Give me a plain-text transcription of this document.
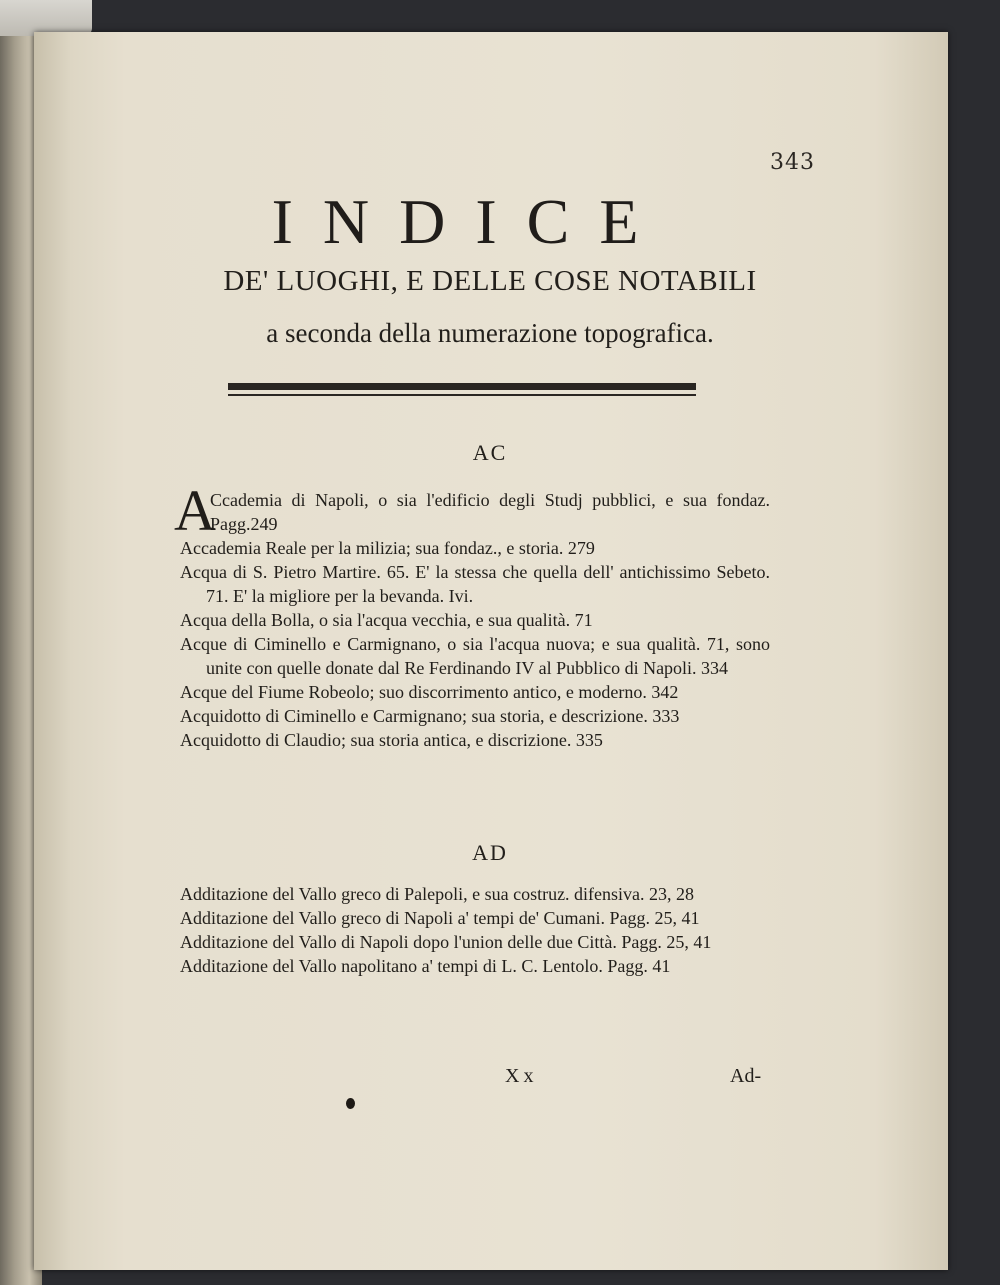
343
INDICE
DE' LUOGHI, E DELLE COSE NOTABILI
a seconda della numerazione topografica.
AC

A
Ccademia di Napoli, o sia l'edificio degli Studj pubblici, e sua fondaz. Pagg.249

Accademia Reale per la milizia; sua fondaz., e storia. 279

Acqua di S. Pietro Martire. 65. E' la stessa che quella dell' antichissimo Sebeto. 71. E' la migliore per la bevanda. Ivi.

Acqua della Bolla, o sia l'acqua vecchia, e sua qualità. 71

Acque di Ciminello e Carmignano, o sia l'acqua nuova; e sua qualità. 71, sono unite con quelle donate dal Re Ferdinando IV al Pubblico di Napoli. 334

Acque del Fiume Robeolo; suo discorrimento antico, e moderno. 342

Acquidotto di Ciminello e Carmignano; sua storia, e descrizione. 333

Acquidotto di Claudio; sua storia antica, e discrizione. 335

AD

Additazione del Vallo greco di Palepoli, e sua costruz. difensiva. 23, 28

Additazione del Vallo greco di Napoli a' tempi de' Cumani. Pagg. 25, 41

Additazione del Vallo di Napoli dopo l'union delle due Città. Pagg. 25, 41

Additazione del Vallo napolitano a' tempi di L. C. Lentolo. Pagg. 41

Xx	Ad-
